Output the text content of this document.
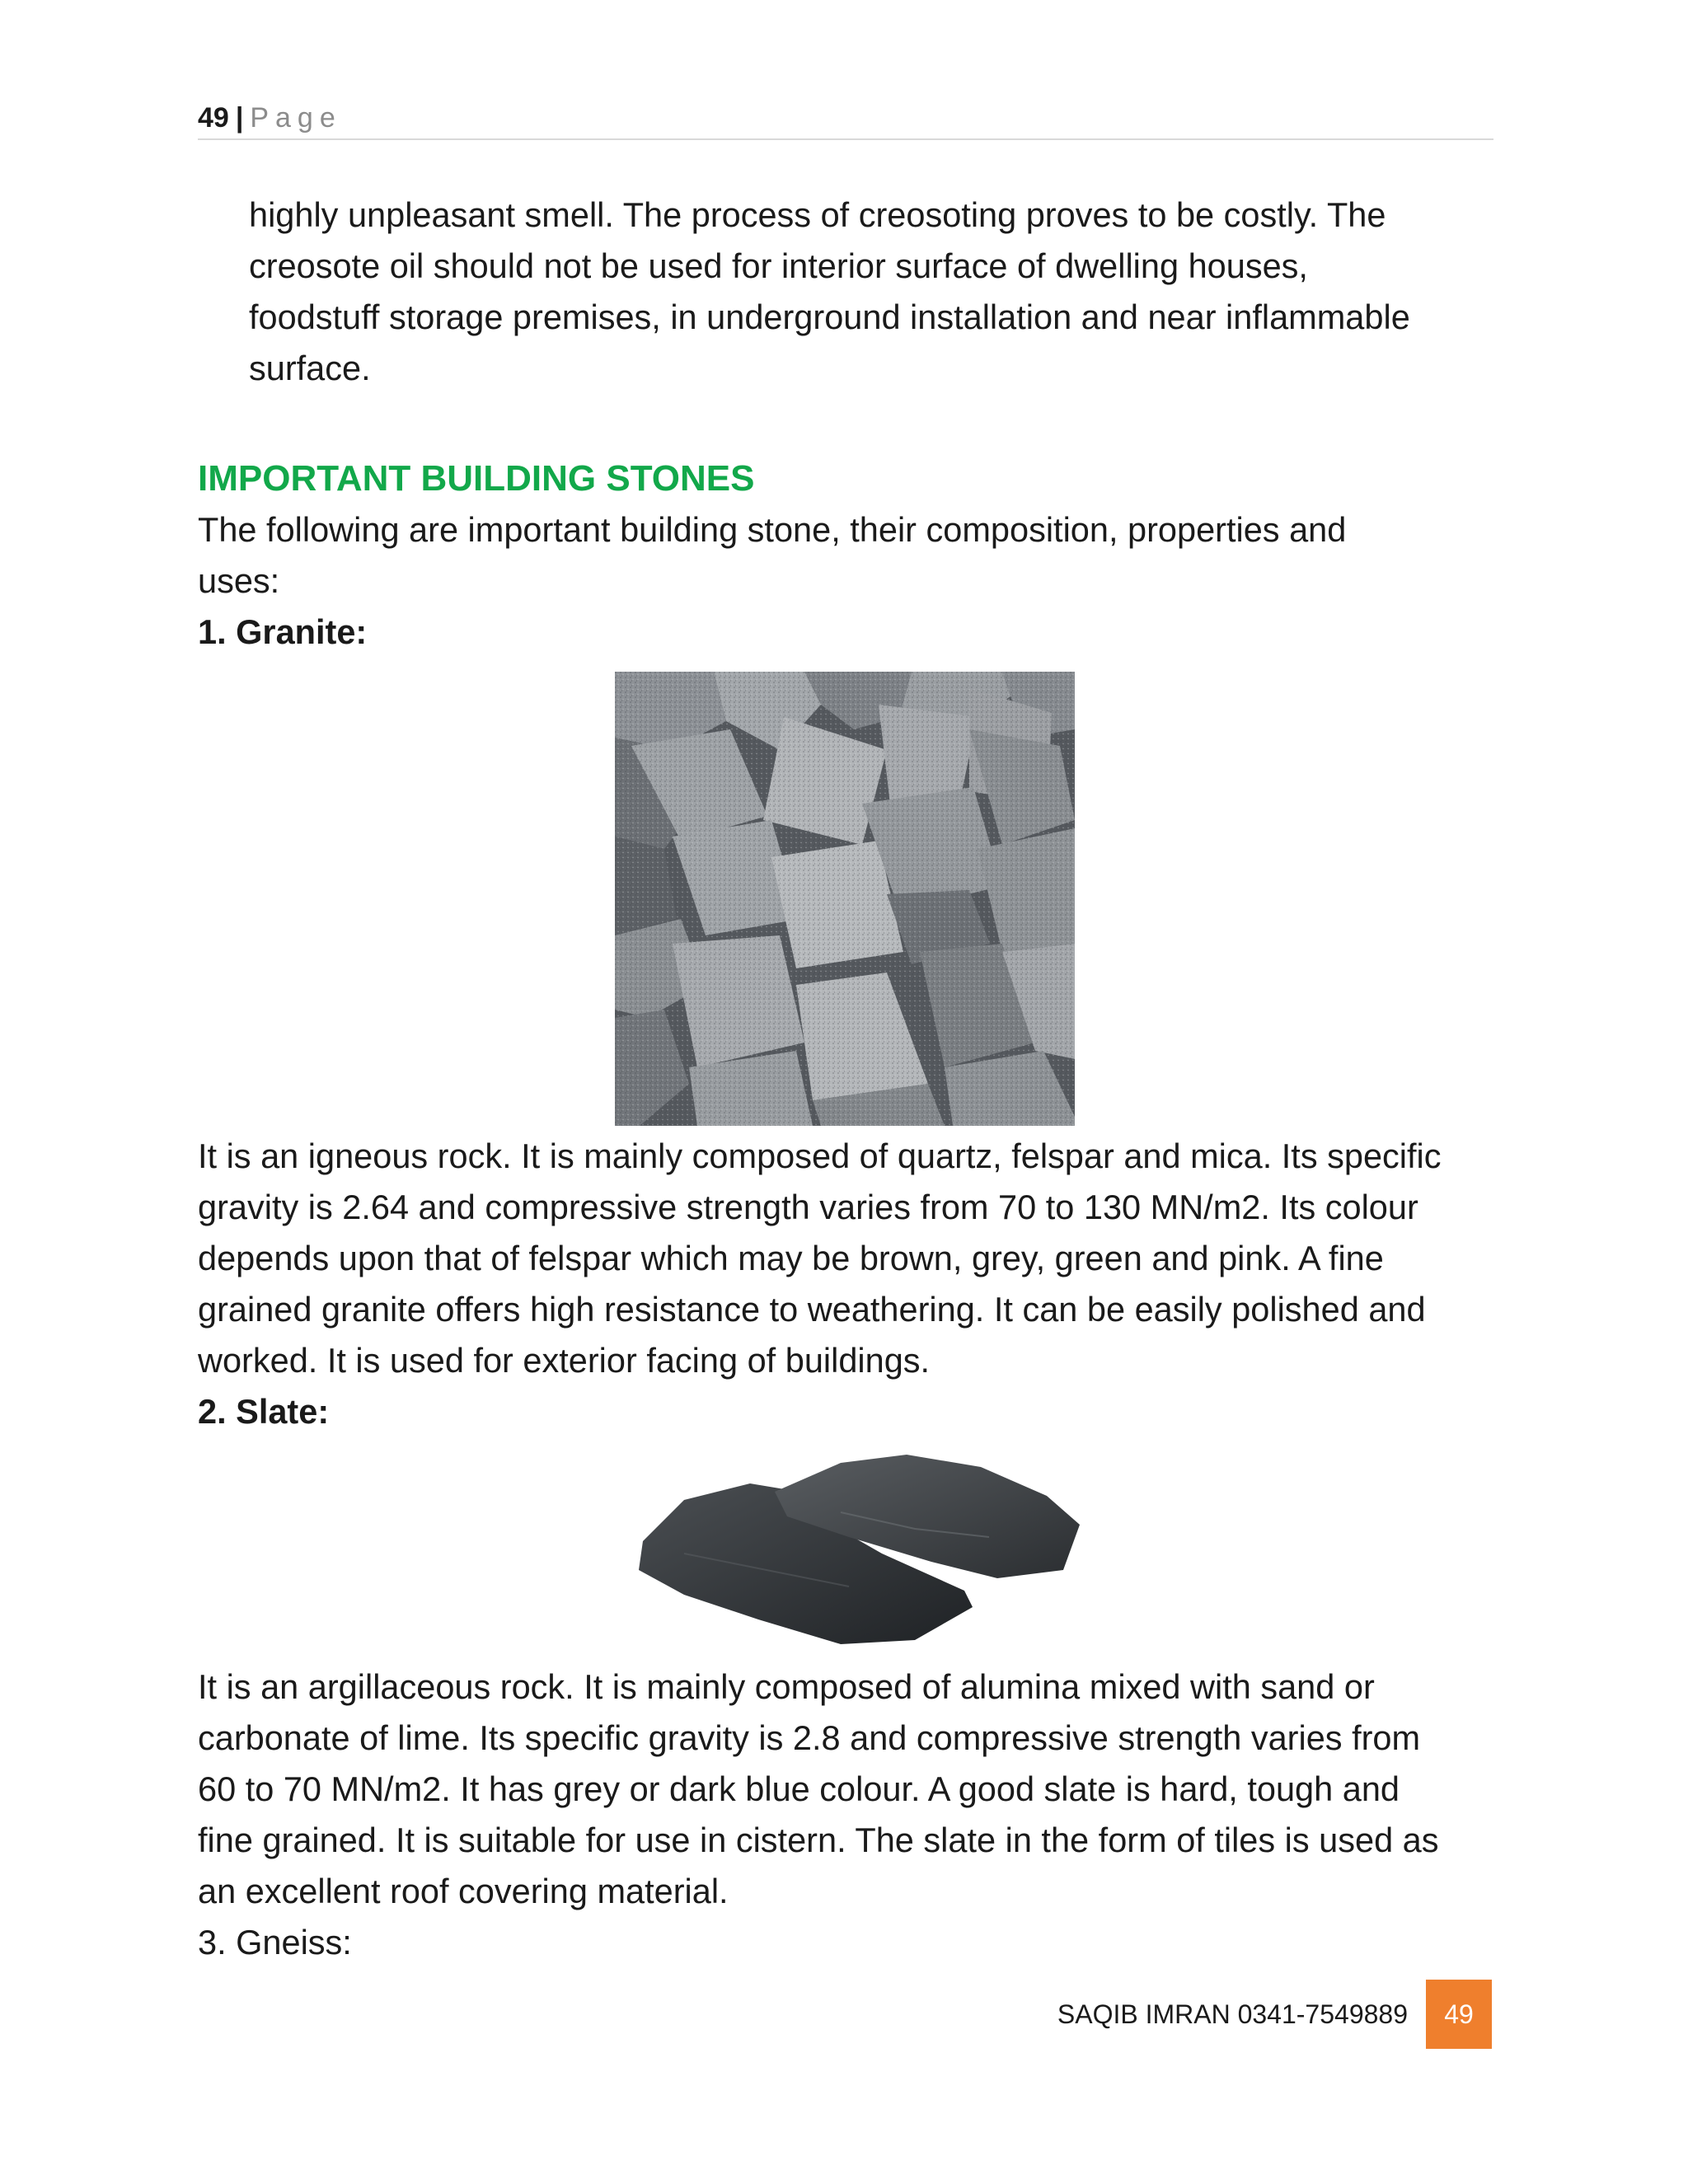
49 | Page
highly unpleasant smell. The process of creosoting proves to be costly. The
creosote oil should not be used for interior surface of dwelling houses,
foodstuff storage premises, in underground installation and near inflammable
surface.
IMPORTANT BUILDING STONES
The following are important building stone, their composition, properties and
uses:
1. Granite:
It is an igneous rock. It is mainly composed of quartz, felspar and mica. Its specific
gravity is 2.64 and compressive strength varies from 70 to 130 MN/m2. Its colour
depends upon that of felspar which may be brown, grey, green and pink. A fine
grained granite offers high resistance to weathering. It can be easily polished and
worked. It is used for exterior facing of buildings.
2. Slate:
It is an argillaceous rock. It is mainly composed of alumina mixed with sand or
carbonate of lime. Its specific gravity is 2.8 and compressive strength varies from
60 to 70 MN/m2. It has grey or dark blue colour. A good slate is hard, tough and
fine grained. It is suitable for use in cistern. The slate in the form of tiles is used as
an excellent roof covering material.
3. Gneiss:
SAQIB IMRAN 0341-7549889	49
